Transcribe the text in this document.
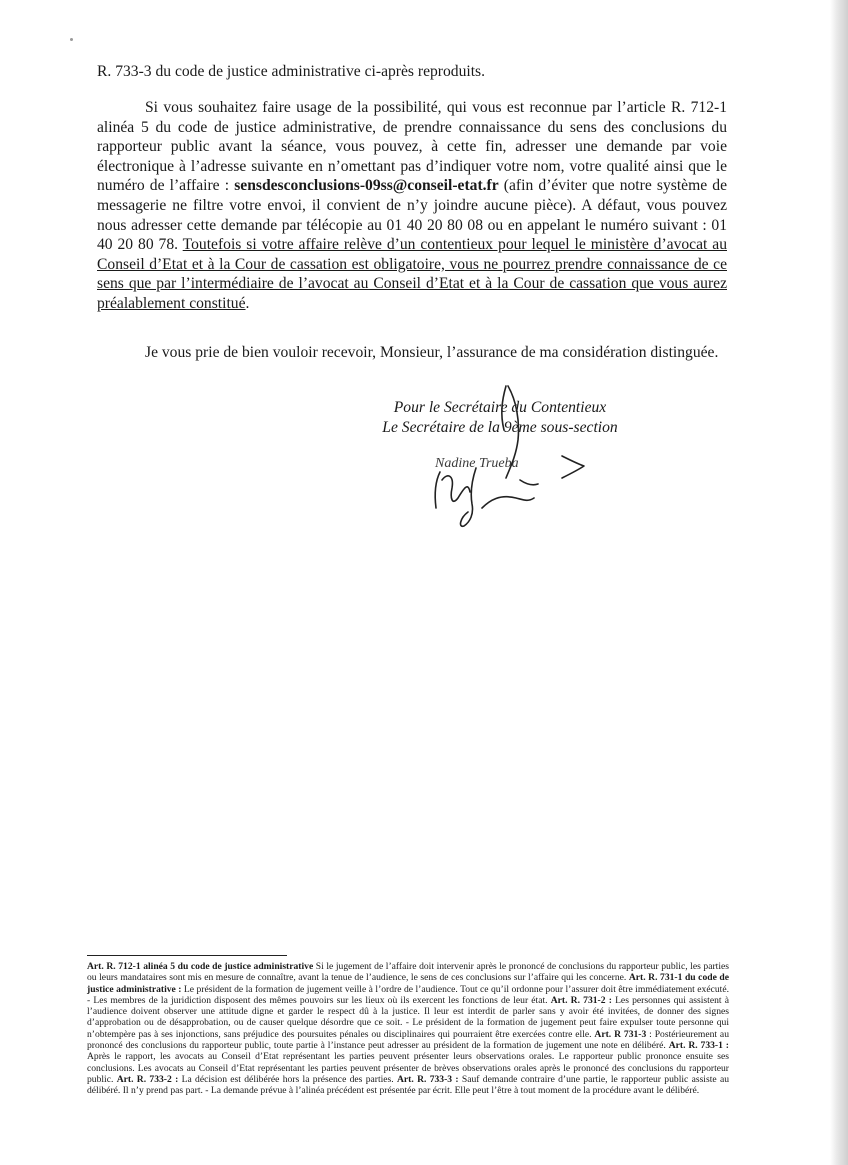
R. 733-3 du code de justice administrative ci-après reproduits.
Si vous souhaitez faire usage de la possibilité, qui vous est reconnue par l’article R. 712-1 alinéa 5 du code de justice administrative, de prendre connaissance du sens des conclusions du rapporteur public avant la séance, vous pouvez, à cette fin, adresser une demande par voie électronique à l’adresse suivante en n’omettant pas d’indiquer votre nom, votre qualité ainsi que le numéro de l’affaire : sensdesconclusions-09ss@conseil-etat.fr (afin d’éviter que notre système de messagerie ne filtre votre envoi, il convient de n’y joindre aucune pièce). A défaut, vous pouvez nous adresser cette demande par télécopie au 01 40 20 80 08 ou en appelant le numéro suivant : 01 40 20 80 78. Toutefois si votre affaire relève d’un contentieux pour lequel le ministère d’avocat au Conseil d’Etat et à la Cour de cassation est obligatoire, vous ne pourrez prendre connaissance de ce sens que par l’intermédiaire de l’avocat au Conseil d’Etat et à la Cour de cassation que vous aurez préalablement constitué.
Je vous prie de bien vouloir recevoir, Monsieur, l’assurance de ma considération distinguée.
Pour le Secrétaire du Contentieux
Le Secrétaire de la 9ème sous-section
Nadine Trueba
Art. R. 712-1 alinéa 5 du code de justice administrative Si le jugement de l’affaire doit intervenir après le prononcé de conclusions du rapporteur public, les parties ou leurs mandataires sont mis en mesure de connaître, avant la tenue de l’audience, le sens de ces conclusions sur l’affaire qui les concerne. Art. R. 731-1 du code de justice administrative : Le président de la formation de jugement veille à l’ordre de l’audience. Tout ce qu’il ordonne pour l’assurer doit être immédiatement exécuté. - Les membres de la juridiction disposent des mêmes pouvoirs sur les lieux où ils exercent les fonctions de leur état. Art. R. 731-2 : Les personnes qui assistent à l’audience doivent observer une attitude digne et garder le respect dû à la justice. Il leur est interdit de parler sans y avoir été invitées, de donner des signes d’approbation ou de désapprobation, ou de causer quelque désordre que ce soit. - Le président de la formation de jugement peut faire expulser toute personne qui n’obtempère pas à ses injonctions, sans préjudice des poursuites pénales ou disciplinaires qui pourraient être exercées contre elle. Art. R 731-3 : Postérieurement au prononcé des conclusions du rapporteur public, toute partie à l’instance peut adresser au président de la formation de jugement une note en délibéré. Art. R. 733-1 : Après le rapport, les avocats au Conseil d’Etat représentant les parties peuvent présenter leurs observations orales. Le rapporteur public prononce ensuite ses conclusions. Les avocats au Conseil d’Etat représentant les parties peuvent présenter de brèves observations orales après le prononcé des conclusions du rapporteur public. Art. R. 733-2 : La décision est délibérée hors la présence des parties. Art. R. 733-3 : Sauf demande contraire d’une partie, le rapporteur public assiste au délibéré. Il n’y prend pas part. - La demande prévue à l’alinéa précédent est présentée par écrit. Elle peut l’être à tout moment de la procédure avant le délibéré.
